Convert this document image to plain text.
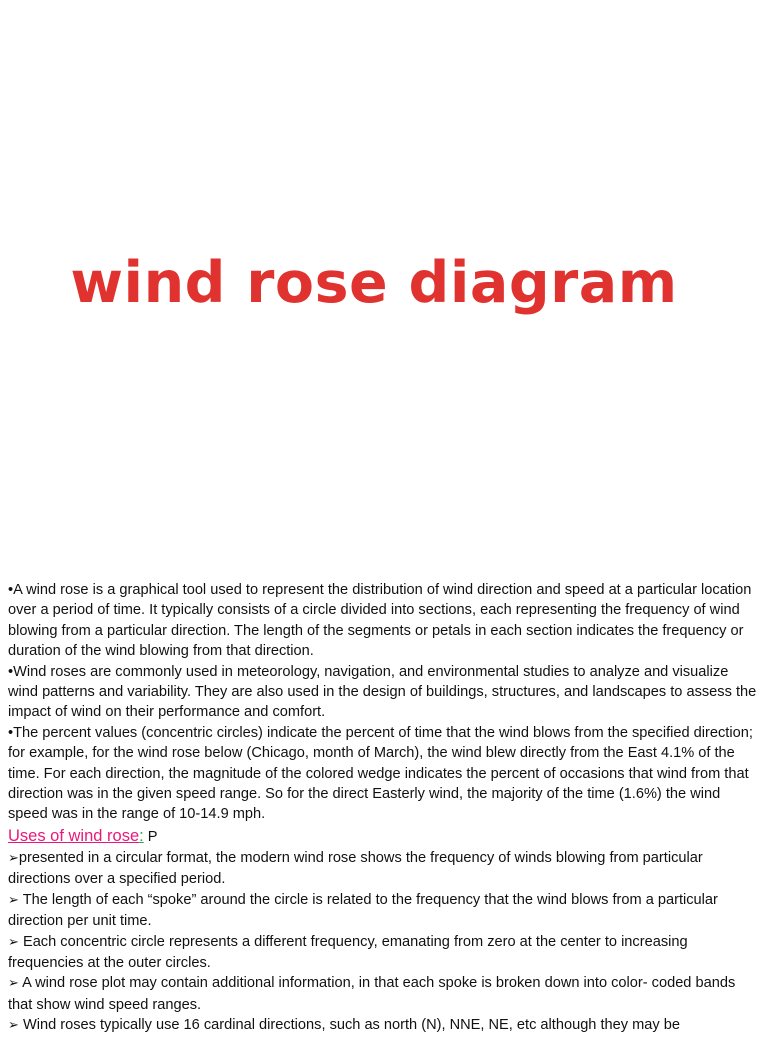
wind rose diagram

•A wind rose is a graphical tool used to represent the distribution of wind direction and speed at a particular location over a period of time. It typically consists of a circle divided into sections, each representing the frequency of wind blowing from a particular direction. The length of the segments or petals in each section indicates the frequency or duration of the wind blowing from that direction.

•Wind roses are commonly used in meteorology, navigation, and environmental studies to analyze and visualize wind patterns and variability. They are also used in the design of buildings, structures, and landscapes to assess the impact of wind on their performance and comfort.

•The percent values (concentric circles) indicate the percent of time that the wind blows from the specified direction; for example, for the wind rose below (Chicago, month of March), the wind blew directly from the East 4.1% of the time. For each direction, the magnitude of the colored wedge indicates the percent of occasions that wind from that direction was in the given speed range. So for the direct Easterly wind, the majority of the time (1.6%) the wind speed was in the range of 10-14.9 mph.

Uses of wind rose: P

➢presented in a circular format, the modern wind rose shows the frequency of winds blowing from particular directions over a specified period.

➢ The length of each “spoke” around the circle is related to the frequency that the wind blows from a particular direction per unit time.

➢ Each concentric circle represents a different frequency, emanating from zero at the center to increasing frequencies at the outer circles.

➢ A wind rose plot may contain additional information, in that each spoke is broken down into color- coded bands that show wind speed ranges.

➢ Wind roses typically use 16 cardinal directions, such as north (N), NNE, NE, etc although they may be
